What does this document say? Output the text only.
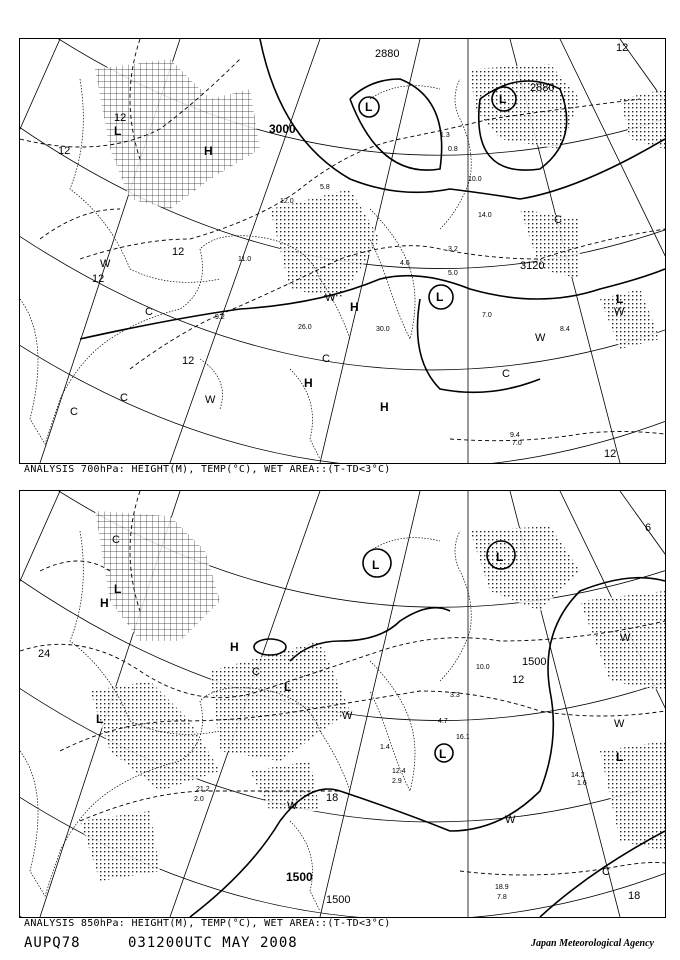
3000
2880
2880
3120
12
12
12
12
12
12
12
L
L
L
L
L
H
H
H
H
W
W
W
W
W
C
C
C
C
C
C
1.3
0.8
3.2
5.0
4.6
7.0
30.0
26.0
9.4
7.0
5.8
10.0
12.0
11.0
8.4
9.2
14.0
ANALYSIS 700hPa: HEIGHT(M), TEMP(°C), WET AREA::(T-TD<3°C)
1500
1500
1500
24
18
18
12
6
L
L
L
L
L
L
L
H
H
W
W
W
W
W
C
C
C
14.2
1.6
18.9
7.8
12.4
2.9
10.0
4.7
21.2
2.0
3.3
1.4
16.1
ANALYSIS 850hPa: HEIGHT(M), TEMP(°C), WET AREA::(T-TD<3°C)
AUPQ78	031200UTC MAY 2008	Japan Meteorological Agency
